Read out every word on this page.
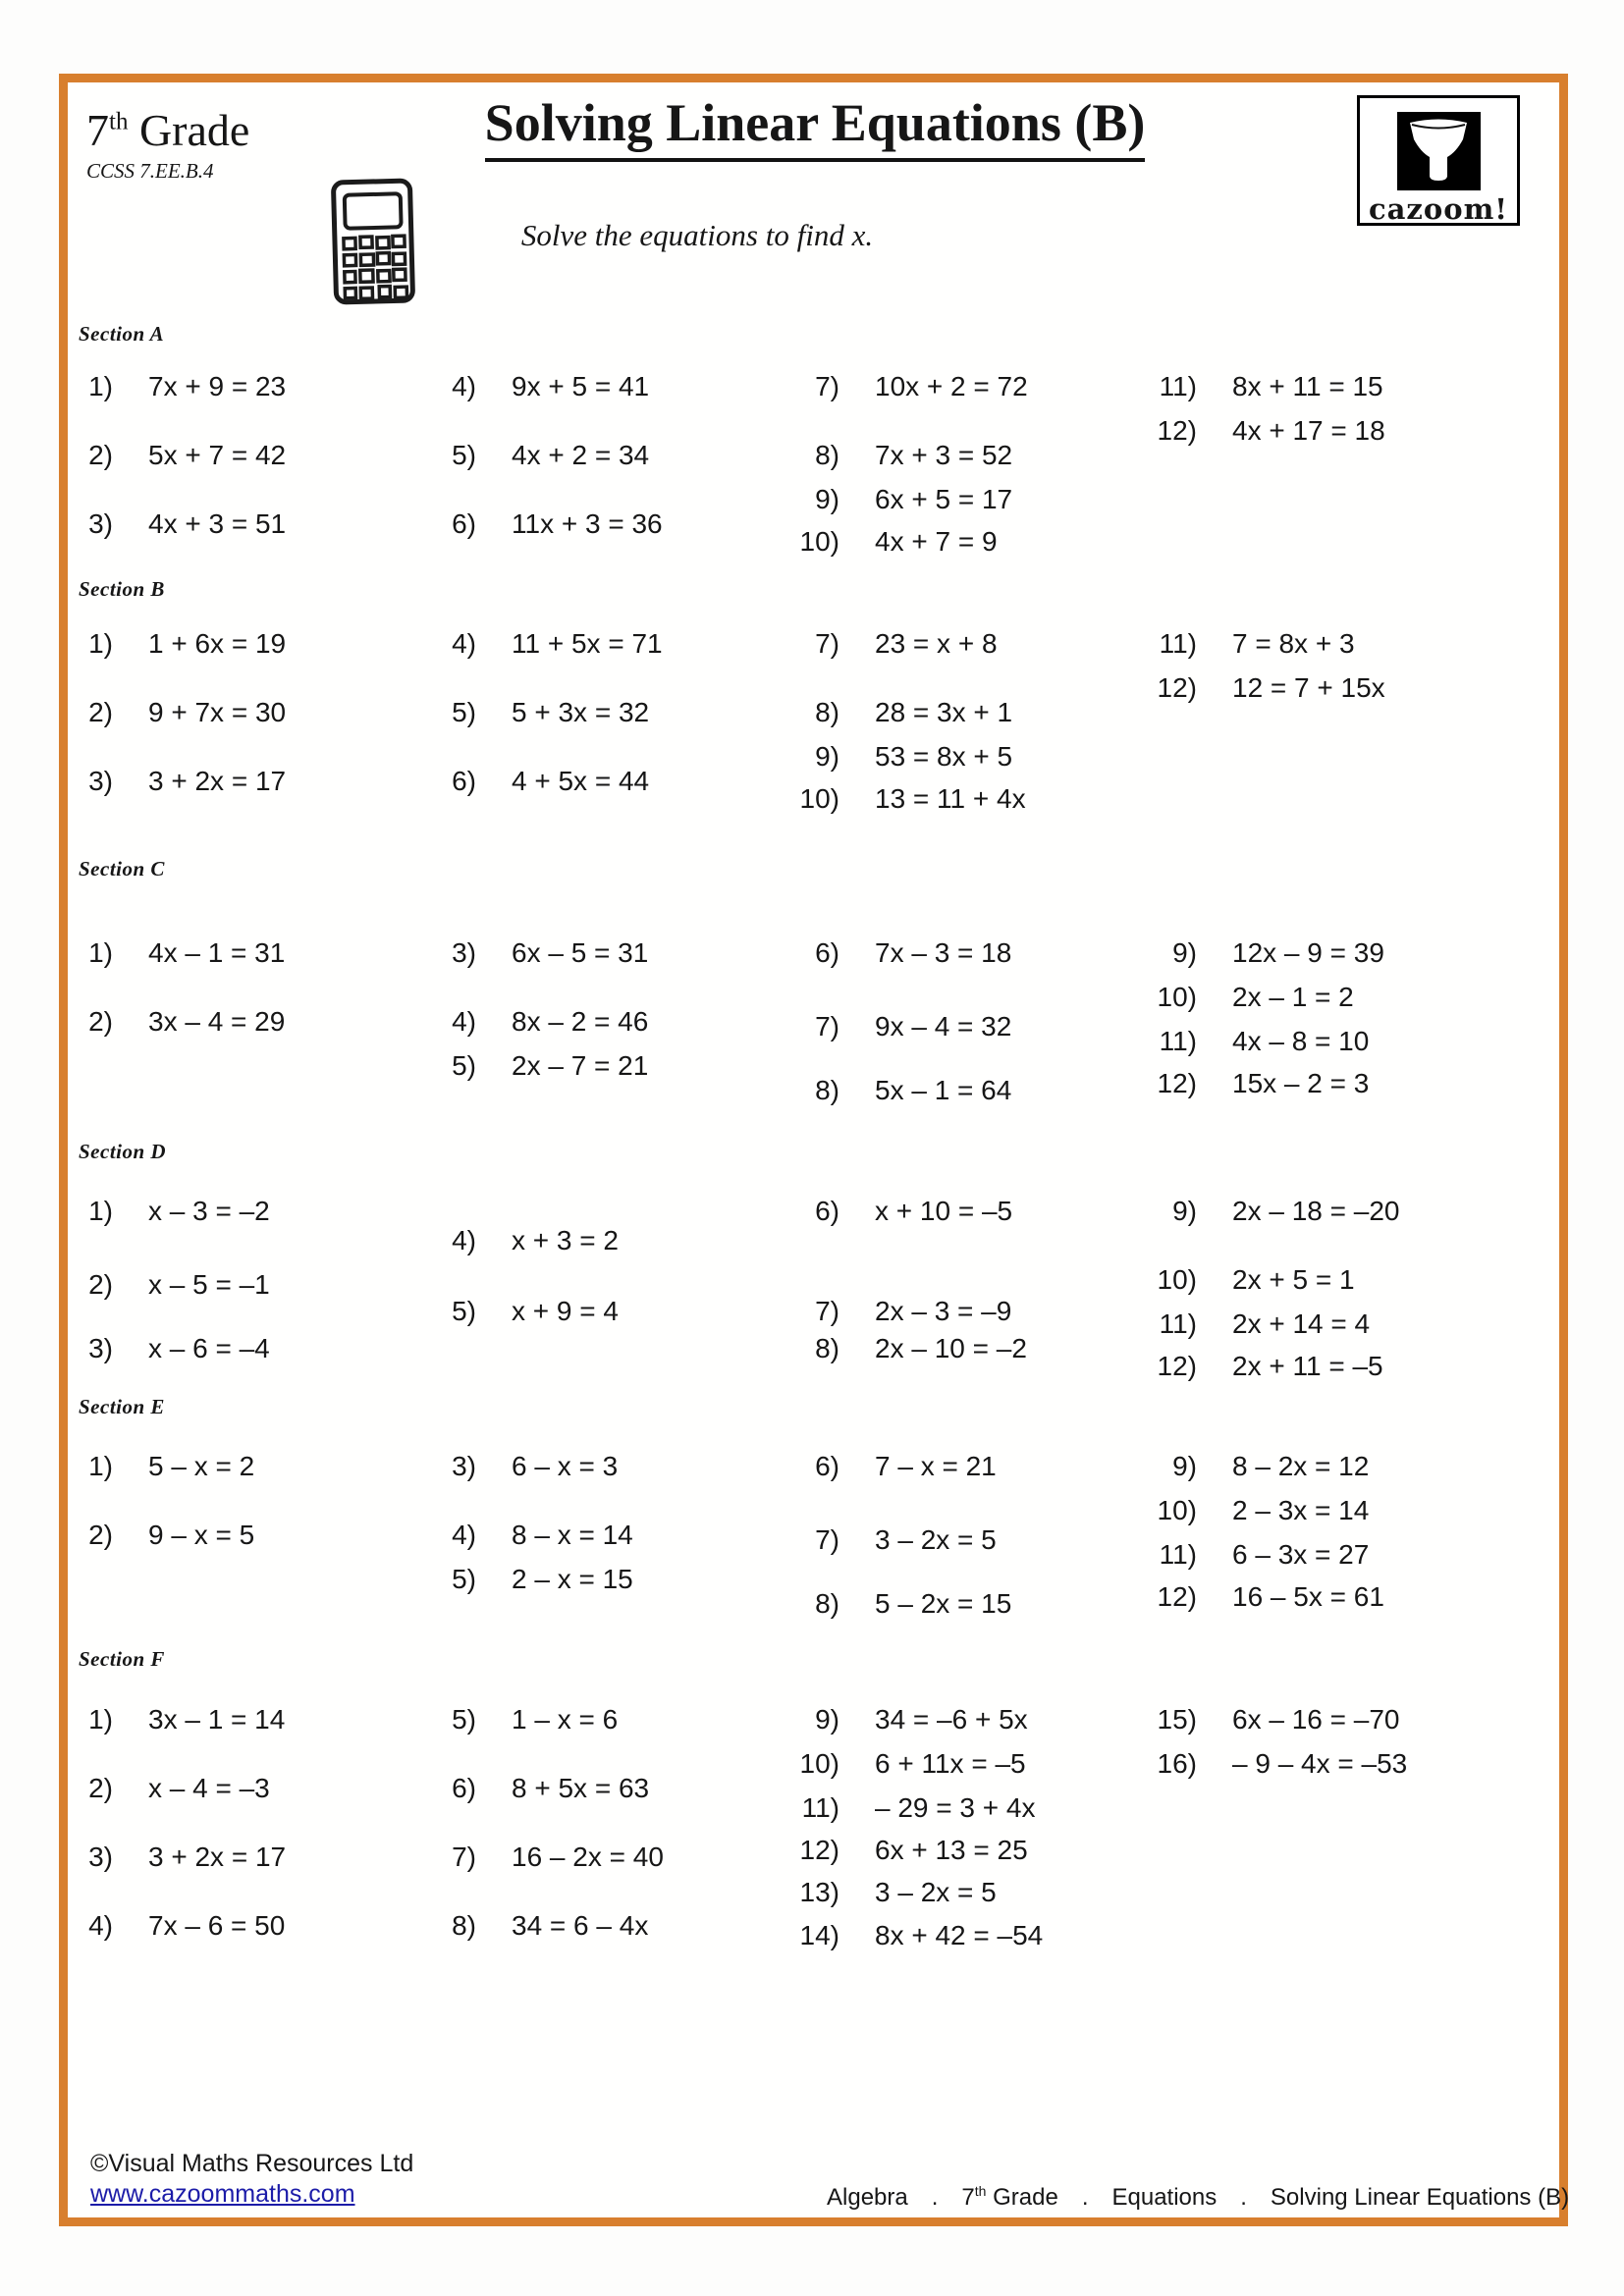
7th Grade
CCSS 7.EE.B.4
Solving Linear Equations (B)
Solve the equations to find x.
cazoom!
Section A
1) 7x + 9 = 23
2) 5x + 7 = 42
3) 4x + 3 = 51
4) 9x + 5 = 41
5) 4x + 2 = 34
6) 11x + 3 = 36
7) 10x + 2 = 72
8) 7x + 3 = 52
9) 6x + 5 = 17
10) 4x + 7 = 9
11) 8x + 11 = 15
12) 4x + 17 = 18
Section B
1) 1 + 6x = 19
2) 9 + 7x = 30
3) 3 + 2x = 17
4) 11 + 5x = 71
5) 5 + 3x = 32
6) 4 + 5x = 44
7) 23 = x + 8
8) 28 = 3x + 1
9) 53 = 8x + 5
10) 13 = 11 + 4x
11) 7 = 8x + 3
12) 12 = 7 + 15x
Section C
1) 4x – 1 = 31
2) 3x – 4 = 29
3) 6x – 5 = 31
4) 8x – 2 = 46
5) 2x – 7 = 21
6) 7x – 3 = 18
7) 9x – 4 = 32
8) 5x – 1 = 64
9) 12x – 9 = 39
10) 2x – 1 = 2
11) 4x – 8 = 10
12) 15x – 2 = 3
Section D
1) x – 3 = –2
2) x – 5 = –1
3) x – 6 = –4
4) x + 3 = 2
5) x + 9 = 4
6) x + 10 = –5
7) 2x – 3 = –9
8) 2x – 10 = –2
9) 2x – 18 = –20
10) 2x + 5 = 1
11) 2x + 14 = 4
12) 2x + 11 = –5
Section E
1) 5 – x = 2
2) 9 – x = 5
3) 6 – x = 3
4) 8 – x = 14
5) 2 – x = 15
6) 7 – x = 21
7) 3 – 2x = 5
8) 5 – 2x = 15
9) 8 – 2x = 12
10) 2 – 3x = 14
11) 6 – 3x = 27
12) 16 – 5x = 61
Section F
1) 3x – 1 = 14
2) x – 4 = –3
3) 3 + 2x = 17
4) 7x – 6 = 50
5) 1 – x = 6
6) 8 + 5x = 63
7) 16 – 2x = 40
8) 34 = 6 – 4x
9) 34 = –6 + 5x
10) 6 + 11x = –5
11) – 29 = 3 + 4x
12) 6x + 13 = 25
13) 3 – 2x = 5
14) 8x + 42 = –54
15) 6x – 16 = –70
16) – 9 – 4x = –53
©Visual Maths Resources Ltd
www.cazoommaths.com	Algebra . 7th Grade . Equations . Solving Linear Equations (B)
